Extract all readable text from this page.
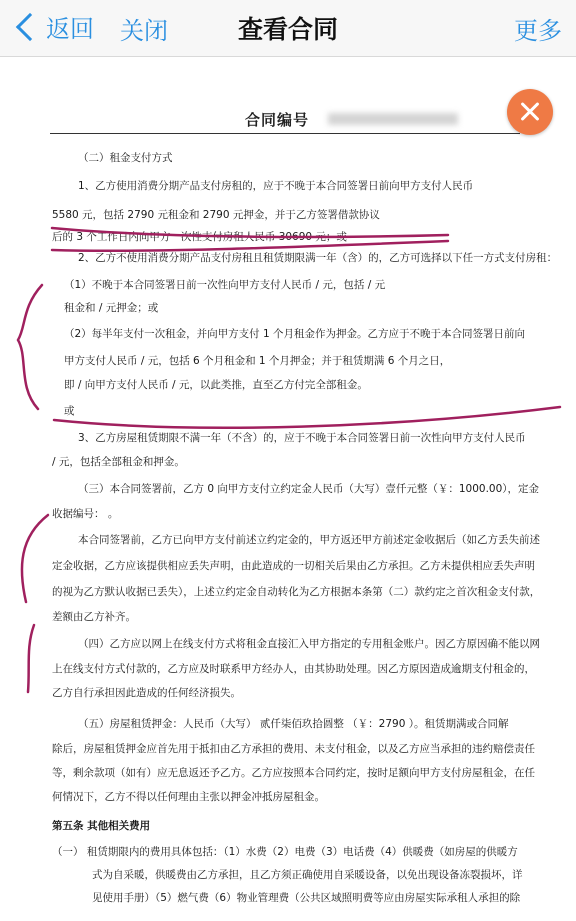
返回 关闭	查看合同	更多
合同编号
（二）租金支付方式
1、乙方使用消费分期产品支付房租的，应于不晚于本合同签署日前向甲方支付人民币
5580 元，包括 2790 元租金和 2790 元押金，并于乙方签署借款协议
后的 3 个工作日内向甲方一次性支付房租人民币 30690 元；或
2、乙方不使用消费分期产品支付房租且租赁期限满一年（含）的，乙方可选择以下任一方式支付房租：
（1）不晚于本合同签署日前一次性向甲方支付人民币 / 元，包括 / 元
租金和 / 元押金；或
（2）每半年支付一次租金，并向甲方支付 1 个月租金作为押金。乙方应于不晚于本合同签署日前向
甲方支付人民币 / 元，包括 6 个月租金和 1 个月押金；并于租赁期满 6 个月之日，
即 / 向甲方支付人民币 / 元，以此类推，直至乙方付完全部租金。
或
3、乙方房屋租赁期限不满一年（不含）的，应于不晚于本合同签署日前一次性向甲方支付人民币
/ 元，包括全部租金和押金。
（三）本合同签署前，乙方 0 向甲方支付立约定金人民币（大写）壹仟元整（￥：1000.00），定金
收据编号： 。
本合同签署前，乙方已向甲方支付前述立约定金的，甲方返还甲方前述定金收据后（如乙方丢失前述
定金收据，乙方应该提供相应丢失声明，由此造成的一切相关后果由乙方承担。乙方未提供相应丢失声明
的视为乙方默认收据已丢失），上述立约定金自动转化为乙方根据本条第（二）款约定之首次租金支付款，
差额由乙方补齐。
（四）乙方应以网上在线支付方式将租金直接汇入甲方指定的专用租金账户。因乙方原因确不能以网
上在线支付方式付款的，乙方应及时联系甲方经办人，由其协助处理。因乙方原因造成逾期支付租金的，
乙方自行承担因此造成的任何经济损失。
（五）房屋租赁押金：人民币（大写） 贰仟柒佰玖拾圆整 （￥：2790 ）。租赁期满或合同解
除后，房屋租赁押金应首先用于抵扣由乙方承担的费用、未支付租金，以及乙方应当承担的违约赔偿责任
等，剩余款项（如有）应无息返还予乙方。乙方应按照本合同约定，按时足额向甲方支付房屋租金，在任
何情况下，乙方不得以任何理由主张以押金冲抵房屋租金。
第五条 其他相关费用
（一） 租赁期限内的费用具体包括：（1）水费（2）电费（3）电话费（4）供暖费（如房屋的供暖方
式为自采暖，供暖费由乙方承担，且乙方须正确使用自采暖设备，以免出现设备冻裂损坏，详
见使用手册）（5）燃气费（6）物业管理费（公共区域照明费等应由房屋实际承租人承担的除
